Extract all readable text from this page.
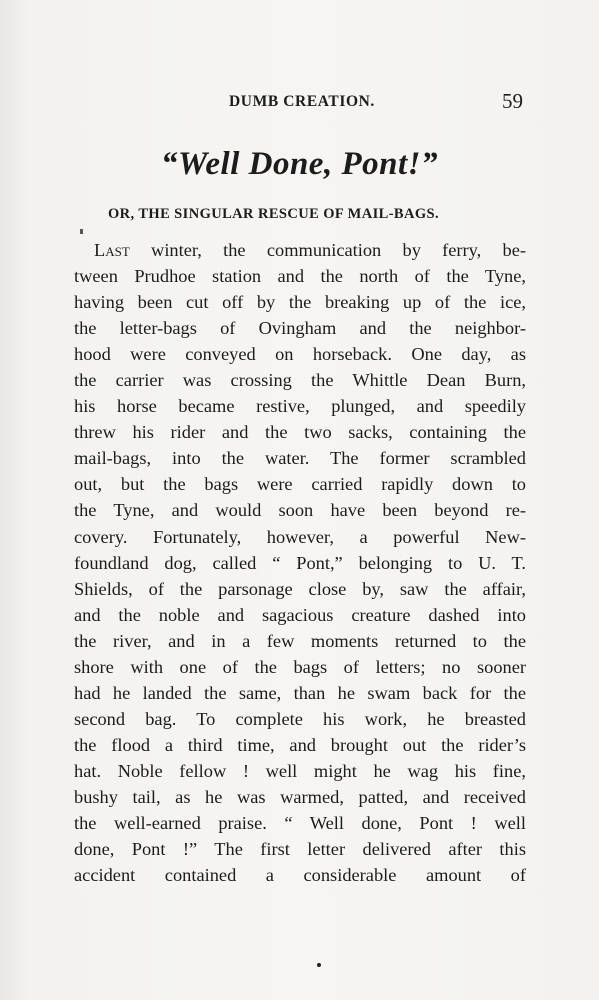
DUMB CREATION.	59
“Well Done, Pont!”
OR, THE SINGULAR RESCUE OF MAIL-BAGS.
Last winter, the communication by ferry, be-
tween Prudhoe station and the north of the Tyne,
having been cut off by the breaking up of the ice,
the letter-bags of Ovingham and the neighbor-
hood were conveyed on horseback. One day, as
the carrier was crossing the Whittle Dean Burn,
his horse became restive, plunged, and speedily
threw his rider and the two sacks, containing the
mail-bags, into the water. The former scrambled
out, but the bags were carried rapidly down to
the Tyne, and would soon have been beyond re-
covery. Fortunately, however, a powerful New-
foundland dog, called “ Pont,” belonging to U. T.
Shields, of the parsonage close by, saw the affair,
and the noble and sagacious creature dashed into
the river, and in a few moments returned to the
shore with one of the bags of letters; no sooner
had he landed the same, than he swam back for the
second bag. To complete his work, he breasted
the flood a third time, and brought out the rider’s
hat. Noble fellow ! well might he wag his fine,
bushy tail, as he was warmed, patted, and received
the well-earned praise. “ Well done, Pont ! well
done, Pont !” The first letter delivered after this
accident contained a considerable amount of
